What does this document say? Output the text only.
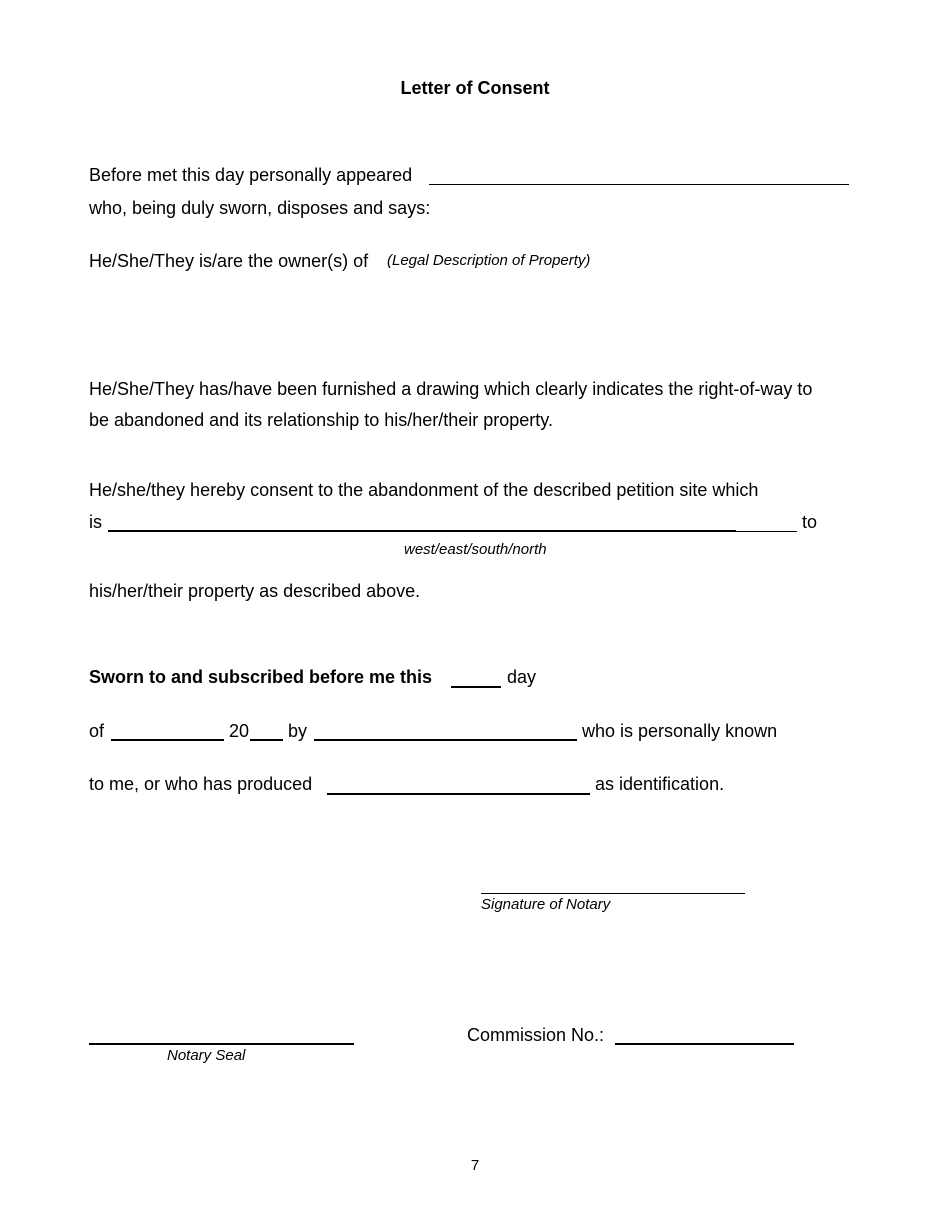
Letter of Consent
Before met this day personally appeared
who, being duly sworn, disposes and says:
He/She/They is/are the owner(s) of (Legal Description of Property)
He/She/They has/have been furnished a drawing which clearly indicates the right-of-way to
be abandoned and its relationship to his/her/their property.
He/she/they hereby consent to the abandonment of the described petition site which
is	to
west/east/south/north
his/her/their property as described above.
Sworn to and subscribed before me this	day
of	20 by	who is personally known
to me, or who has produced	as identification.
Signature of Notary
Notary Seal
Commission No.:
7
